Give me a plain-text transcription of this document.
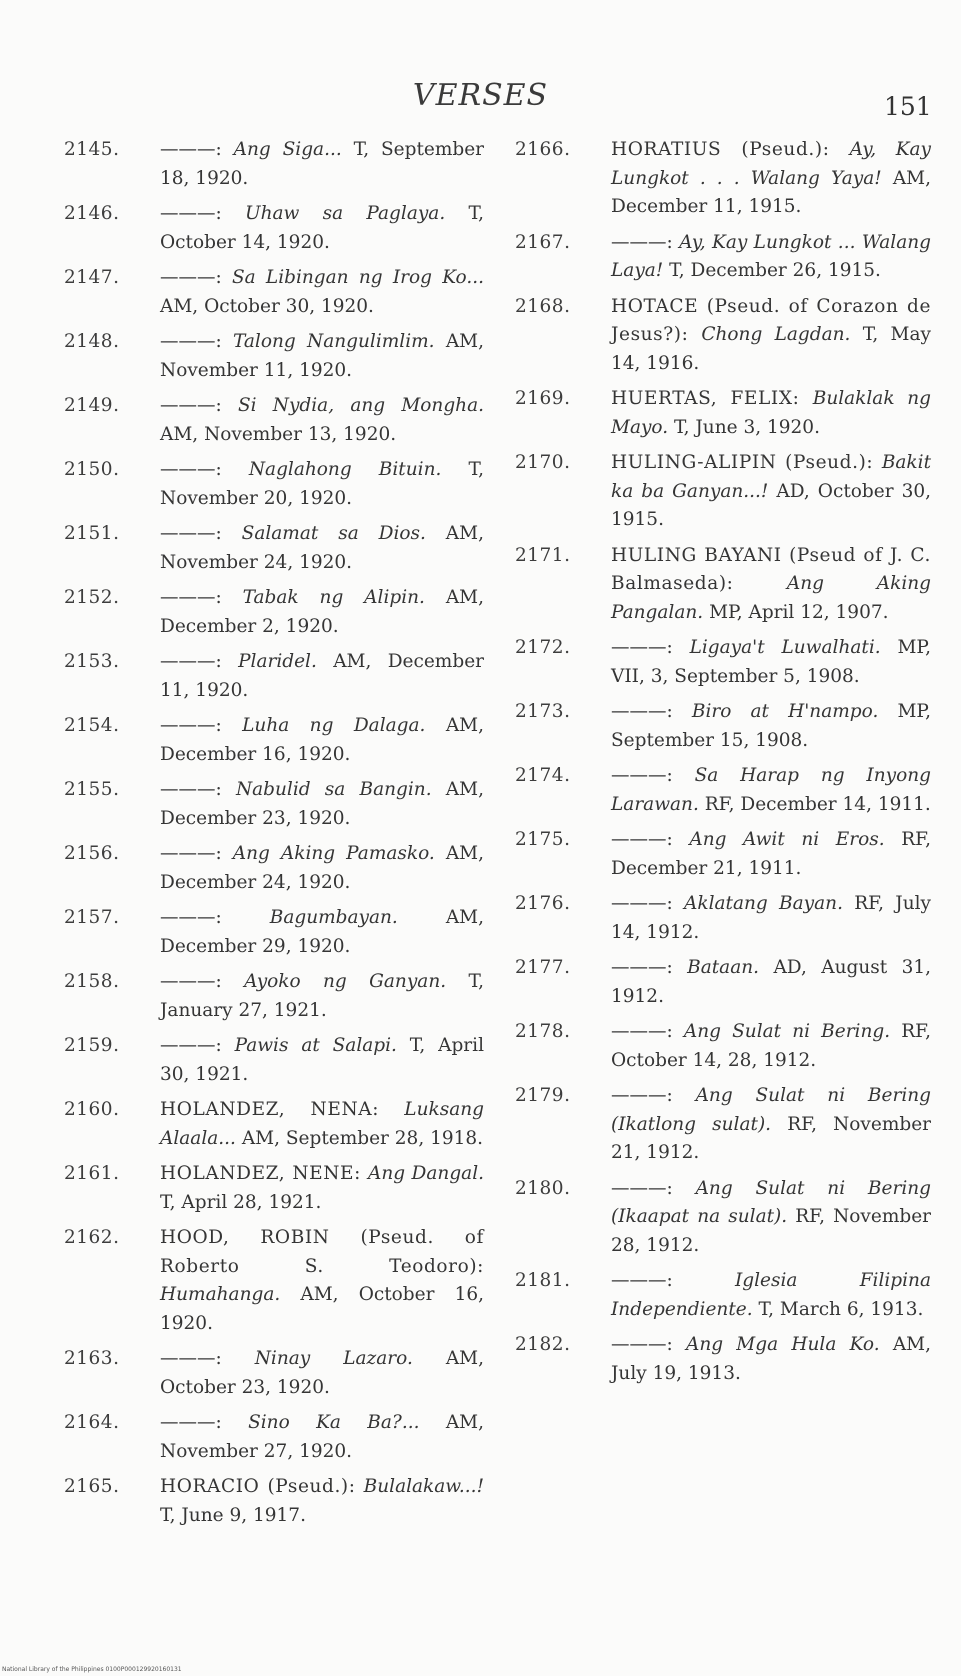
VERSES	151
2145. ———: Ang Siga... T, September 18, 1920.
2146. ———: Uhaw sa Paglaya. T, October 14, 1920.
2147. ———: Sa Libingan ng Irog Ko... AM, October 30, 1920.
2148. ———: Talong Nangulimlim. AM, November 11, 1920.
2149. ———: Si Nydia, ang Mongha. AM, November 13, 1920.
2150. ———: Naglahong Bituin. T, November 20, 1920.
2151. ———: Salamat sa Dios. AM, November 24, 1920.
2152. ———: Tabak ng Alipin. AM, December 2, 1920.
2153. ———: Plaridel. AM, December 11, 1920.
2154. ———: Luha ng Dalaga. AM, December 16, 1920.
2155. ———: Nabulid sa Bangin. AM, December 23, 1920.
2156. ———: Ang Aking Pamasko. AM, December 24, 1920.
2157. ———: Bagumbayan. AM, December 29, 1920.
2158. ———: Ayoko ng Ganyan. T, January 27, 1921.
2159. ———: Pawis at Salapi. T, April 30, 1921.
2160. HOLANDEZ, NENA: Luksang Alaala... AM, September 28, 1918.
2161. HOLANDEZ, NENE: Ang Dangal. T, April 28, 1921.
2162. HOOD, ROBIN (Pseud. of Roberto S. Teodoro): Humahanga. AM, October 16, 1920.
2163. ———: Ninay Lazaro. AM, October 23, 1920.
2164. ———: Sino Ka Ba?... AM, November 27, 1920.
2165. HORACIO (Pseud.): Bulalakaw...! T, June 9, 1917.
2166. HORATIUS (Pseud.): Ay, Kay Lungkot . . . Walang Yaya! AM, December 11, 1915.
2167. ———: Ay, Kay Lungkot ... Walang Laya! T, December 26, 1915.
2168. HOTACE (Pseud. of Corazon de Jesus?): Chong Lagdan. T, May 14, 1916.
2169. HUERTAS, FELIX: Bulaklak ng Mayo. T, June 3, 1920.
2170. HULING-ALIPIN (Pseud.): Bakit ka ba Ganyan...! AD, October 30, 1915.
2171. HULING BAYANI (Pseud of J. C. Balmaseda): Ang Aking Pangalan. MP, April 12, 1907.
2172. ———: Ligaya't Luwalhati. MP, VII, 3, September 5, 1908.
2173. ———: Biro at H'nampo. MP, September 15, 1908.
2174. ———: Sa Harap ng Inyong Larawan. RF, December 14, 1911.
2175. ———: Ang Awit ni Eros. RF, December 21, 1911.
2176. ———: Aklatang Bayan. RF, July 14, 1912.
2177. ———: Bataan. AD, August 31, 1912.
2178. ———: Ang Sulat ni Bering. RF, October 14, 28, 1912.
2179. ———: Ang Sulat ni Bering (Ikatlong sulat). RF, November 21, 1912.
2180. ———: Ang Sulat ni Bering (Ikaapat na sulat). RF, November 28, 1912.
2181. ———: Iglesia Filipina Independiente. T, March 6, 1913.
2182. ———: Ang Mga Hula Ko. AM, July 19, 1913.
National Library of the Philippines 0100P000129920160131
